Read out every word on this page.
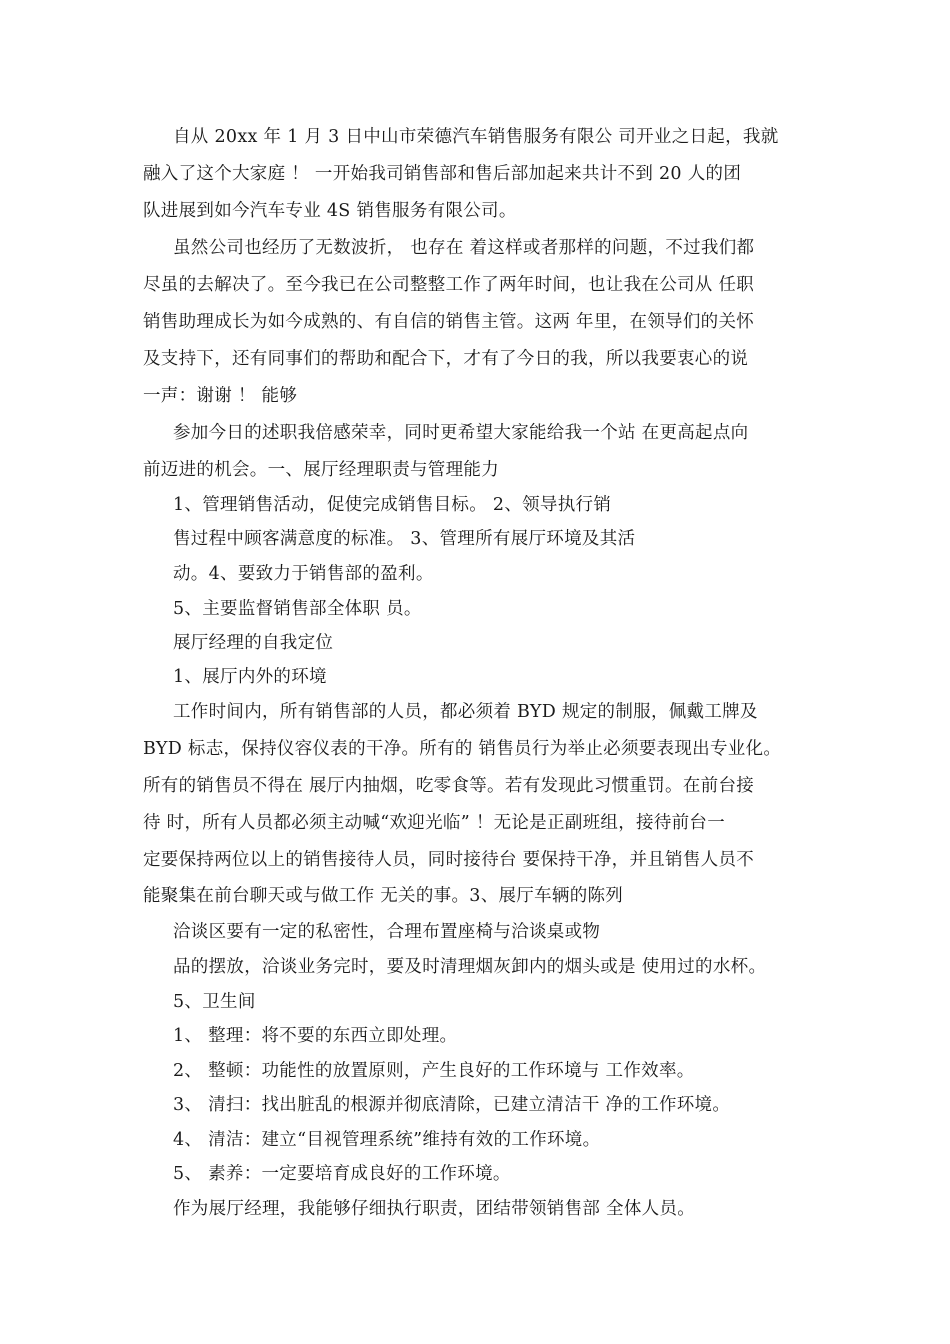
自从 20xx 年 1 月 3 日中山市荣德汽车销售服务有限公 司开业之日起，我就
融入了这个大家庭 ！ 一开始我司销售部和售后部加起来共计不到 20 人的团
队进展到如今汽车专业 4S 销售服务有限公司。
虽然公司也经历了无数波折， 也存在 着这样或者那样的问题，不过我们都
尽虽的去解决了。至今我已在公司整整工作了两年时间，也让我在公司从 任职
销售助理成长为如今成熟的、有自信的销售主管。这两 年里，在领导们的关怀
及支持下，还有同事们的帮助和配合下，才有了今日的我，所以我要衷心的说
一声：谢谢 ！ 能够
参加今日的述职我倍感荣幸，同时更希望大家能给我一个站 在更高起点向
前迈进的机会。一、展厅经理职责与管理能力
1、管理销售活动，促使完成销售目标。 2、领导执行销
售过程中顾客满意度的标准。 3、管理所有展厅环境及其活
动。4、要致力于销售部的盈利。
5、主要监督销售部全体职 员。
展厅经理的自我定位
1、展厅内外的环境
工作时间内，所有销售部的人员，都必须着 BYD 规定的制服，佩戴工牌及
BYD 标志，保持仪容仪表的干净。所有的 销售员行为举止必须要表现出专业化。
所有的销售员不得在 展厅内抽烟，吃零食等。若有发现此习惯重罚。在前台接
待 时，所有人员都必须主动喊“欢迎光临” ！无论是正副班组，接待前台一
定要保持两位以上的销售接待人员，同时接待台 要保持干净，并且销售人员不
能聚集在前台聊天或与做工作 无关的事。3、展厅车辆的陈列
洽谈区要有一定的私密性，合理布置座椅与洽谈桌或物
品的摆放，洽谈业务完时，要及时清理烟灰卸内的烟头或是 使用过的水杯。
5、卫生间
1、 整理：将不要的东西立即处理。
2、 整顿：功能性的放置原则，产生良好的工作环境与 工作效率。
3、 清扫：找出脏乱的根源并彻底清除，已建立清洁干 净的工作环境。
4、 清洁：建立“目视管理系统”维持有效的工作环境。
5、 素养：一定要培育成良好的工作环境。
作为展厅经理，我能够仔细执行职责，团结带领销售部 全体人员。
